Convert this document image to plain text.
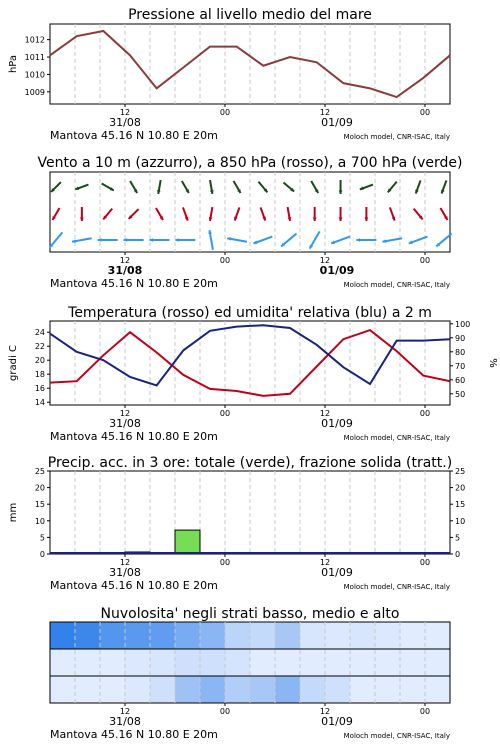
Pressione al livello medio del mare
1009
1010
1011
1012
hPa
12	00	12	00
31/08	01/09
Mantova 45.16 N 10.80 E 20m	Moloch model, CNR-ISAC, Italy
Vento a 10 m (azzurro), a 850 hPa (rosso), a 700 hPa (verde)
12	00	12	00
31/08	01/09
Mantova 45.16 N 10.80 E 20m	Moloch model, CNR-ISAC, Italy
Temperatura (rosso) ed umidita' relativa (blu) a 2 m
14
16
18
20
22
24
50
60
70
80
90
100
gradi C	%
12	00	12	00
31/08	01/09
Mantova 45.16 N 10.80 E 20m	Moloch model, CNR-ISAC, Italy
Precip. acc. in 3 ore: totale (verde), frazione solida (tratt.)
0
5
10
15
20
25
0
5
10
15
20
25
mm
12	00	12	00
31/08	01/09
Mantova 45.16 N 10.80 E 20m	Moloch model, CNR-ISAC, Italy
Nuvolosita' negli strati basso, medio e alto
12	00	12	00
31/08	01/09
Mantova 45.16 N 10.80 E 20m	Moloch model, CNR-ISAC, Italy
